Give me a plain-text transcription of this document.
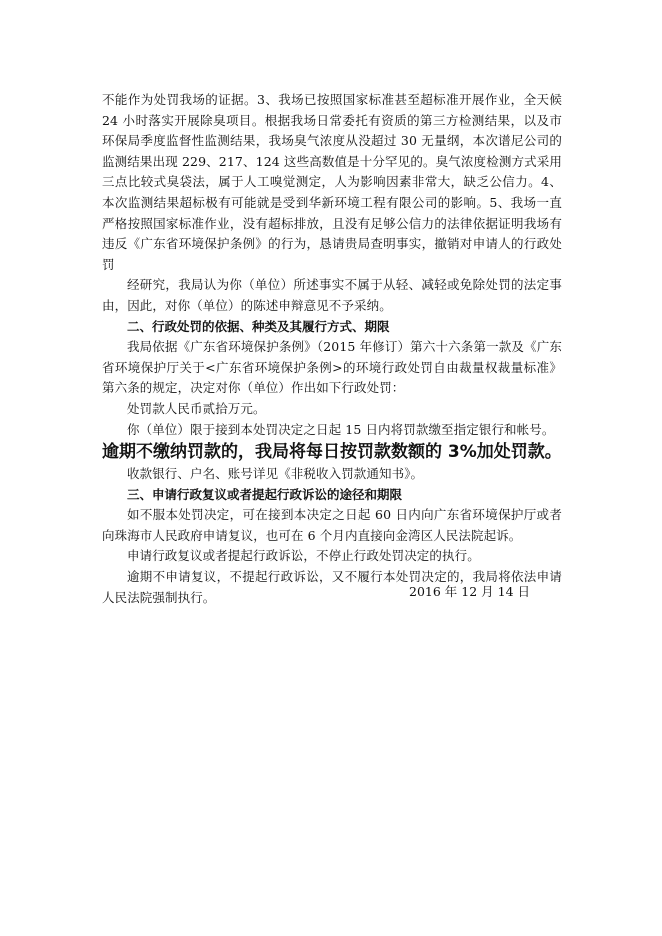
不能作为处罚我场的证据。3、我场已按照国家标准甚至超标准开展作业，全天候 24 小时落实开展除臭项目。根据我场日常委托有资质的第三方检测结果，以及市环保局季度监督性监测结果，我场臭气浓度从没超过 30 无量纲，本次谱尼公司的监测结果出现 229、217、124 这些高数值是十分罕见的。臭气浓度检测方式采用三点比较式臭袋法，属于人工嗅觉测定，人为影响因素非常大，缺乏公信力。4、本次监测结果超标极有可能就是受到华新环境工程有限公司的影响。5、我场一直严格按照国家标准作业，没有超标排放，且没有足够公信力的法律依据证明我场有违反《广东省环境保护条例》的行为，恳请贵局查明事实，撤销对申请人的行政处罚

经研究，我局认为你（单位）所述事实不属于从轻、减轻或免除处罚的法定事由，因此，对你（单位）的陈述申辩意见不予采纳。

二、行政处罚的依据、种类及其履行方式、期限

我局依据《广东省环境保护条例》（2015 年修订）第六十六条第一款及《广东省环境保护厅关于<广东省环境保护条例>的环境行政处罚自由裁量权裁量标准》第六条的规定，决定对你（单位）作出如下行政处罚：

处罚款人民币贰拾万元。

你（单位）限于接到本处罚决定之日起 15 日内将罚款缴至指定银行和帐号。

逾期不缴纳罚款的，我局将每日按罚款数额的 3%加处罚款。

收款银行、户名、账号详见《非税收入罚款通知书》。

三、申请行政复议或者提起行政诉讼的途径和期限

如不服本处罚决定，可在接到本决定之日起 60 日内向广东省环境保护厅或者向珠海市人民政府申请复议，也可在 6 个月内直接向金湾区人民法院起诉。

申请行政复议或者提起行政诉讼，不停止行政处罚决定的执行。

逾期不申请复议，不提起行政诉讼，又不履行本处罚决定的，我局将依法申请人民法院强制执行。	2016 年 12 月 14 日
